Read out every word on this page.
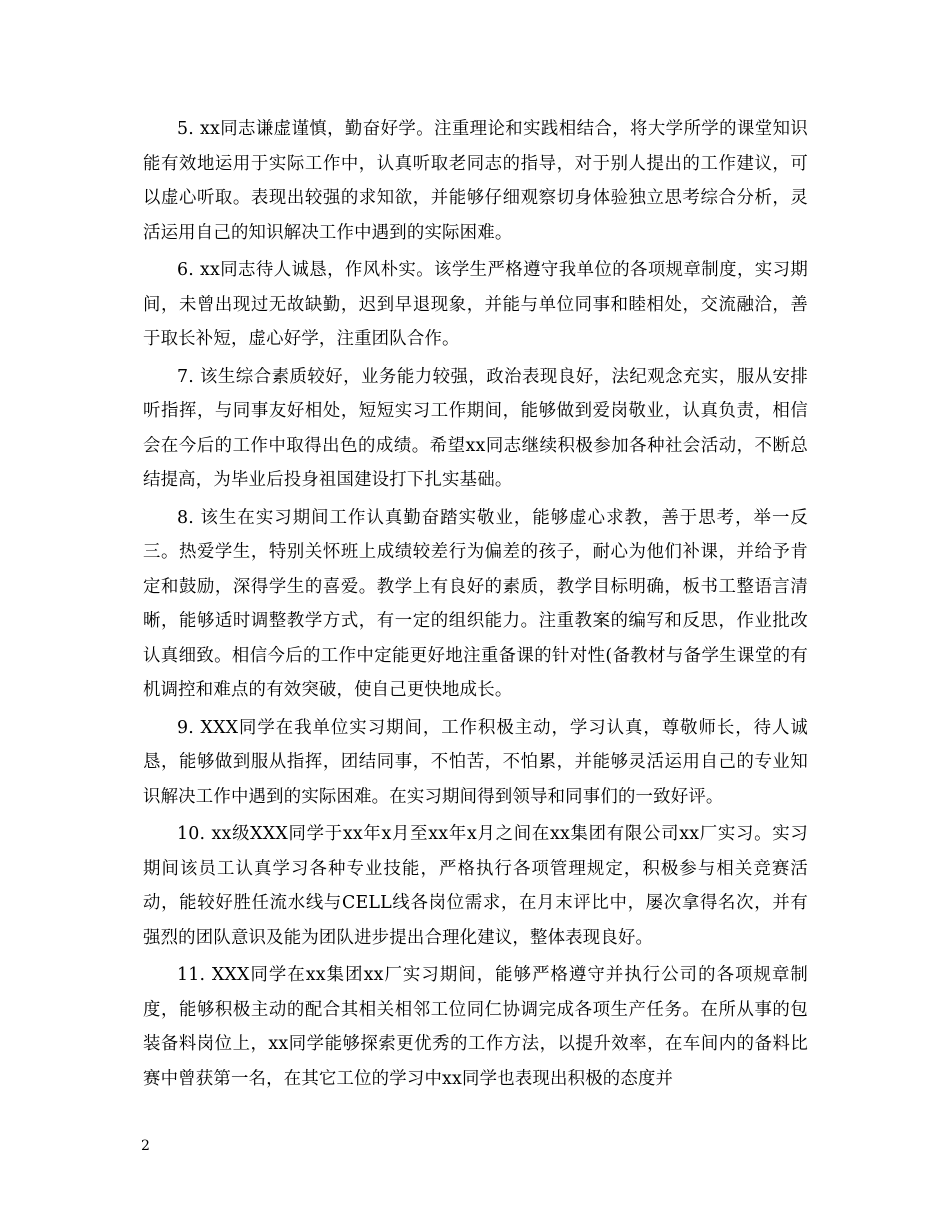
5. xx同志谦虚谨慎，勤奋好学。注重理论和实践相结合，将大学所学的课堂知识能有效地运用于实际工作中，认真听取老同志的指导，对于别人提出的工作建议，可以虚心听取。表现出较强的求知欲，并能够仔细观察切身体验独立思考综合分析，灵活运用自己的知识解决工作中遇到的实际困难。

6. xx同志待人诚恳，作风朴实。该学生严格遵守我单位的各项规章制度，实习期间，未曾出现过无故缺勤，迟到早退现象，并能与单位同事和睦相处，交流融洽，善于取长补短，虚心好学，注重团队合作。

7. 该生综合素质较好，业务能力较强，政治表现良好，法纪观念充实，服从安排听指挥，与同事友好相处，短短实习工作期间，能够做到爱岗敬业，认真负责，相信会在今后的工作中取得出色的成绩。希望xx同志继续积极参加各种社会活动，不断总结提高，为毕业后投身祖国建设打下扎实基础。

8. 该生在实习期间工作认真勤奋踏实敬业，能够虚心求教，善于思考，举一反三。热爱学生，特别关怀班上成绩较差行为偏差的孩子，耐心为他们补课，并给予肯定和鼓励，深得学生的喜爱。教学上有良好的素质，教学目标明确，板书工整语言清晰，能够适时调整教学方式，有一定的组织能力。注重教案的编写和反思，作业批改认真细致。相信今后的工作中定能更好地注重备课的针对性(备教材与备学生课堂的有机调控和难点的有效突破，使自己更快地成长。

9. XXX同学在我单位实习期间，工作积极主动，学习认真，尊敬师长，待人诚恳，能够做到服从指挥，团结同事，不怕苦，不怕累，并能够灵活运用自己的专业知识解决工作中遇到的实际困难。在实习期间得到领导和同事们的一致好评。

10. xx级XXX同学于xx年x月至xx年x月之间在xx集团有限公司xx厂实习。实习期间该员工认真学习各种专业技能，严格执行各项管理规定，积极参与相关竞赛活动，能较好胜任流水线与CELL线各岗位需求，在月末评比中，屡次拿得名次，并有强烈的团队意识及能为团队进步提出合理化建议，整体表现良好。

11. XXX同学在xx集团xx厂实习期间，能够严格遵守并执行公司的各项规章制度，能够积极主动的配合其相关相邻工位同仁协调完成各项生产任务。在所从事的包装备料岗位上，xx同学能够探索更优秀的工作方法，以提升效率，在车间内的备料比赛中曾获第一名，在其它工位的学习中xx同学也表现出积极的态度并

2
